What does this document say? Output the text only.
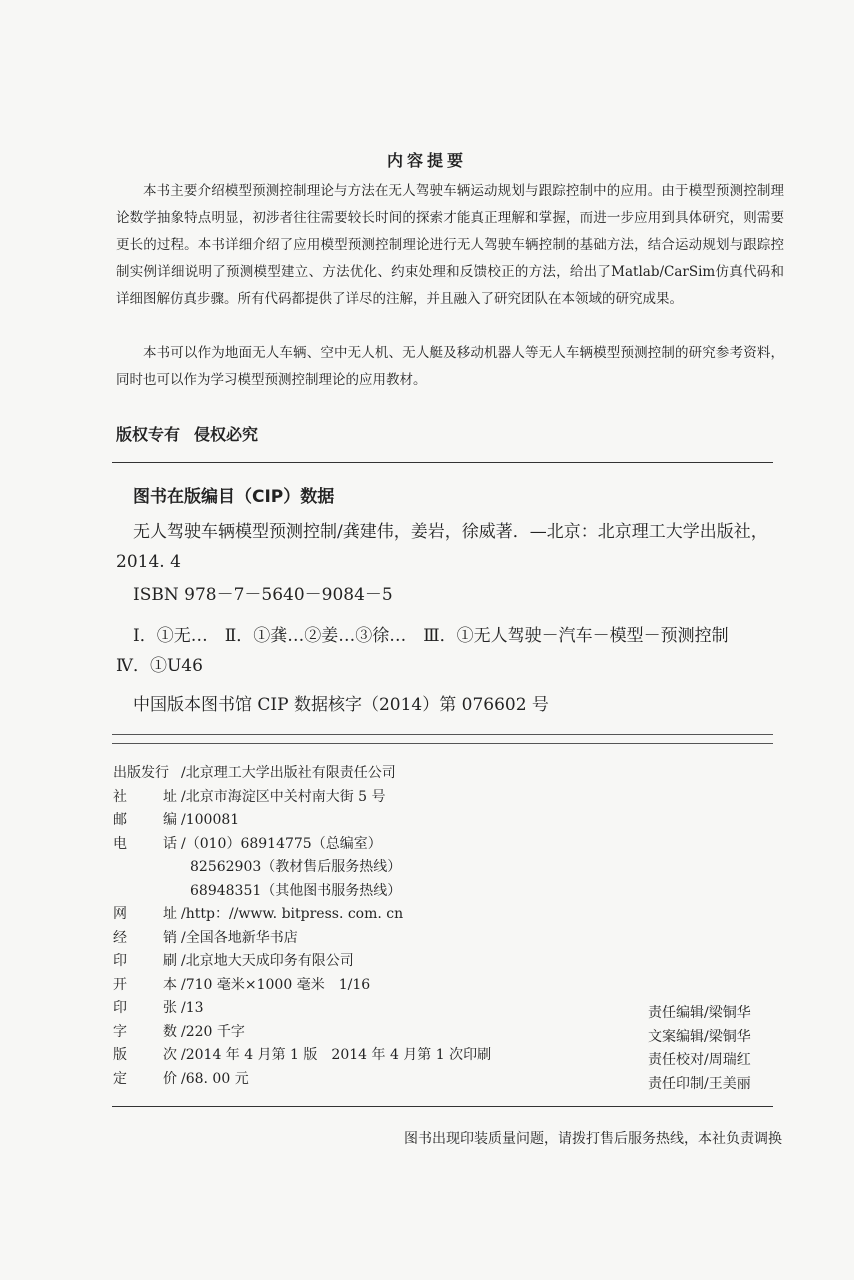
内容提要
本书主要介绍模型预测控制理论与方法在无人驾驶车辆运动规划与跟踪控制中的应用。由于模型预测控制理论数学抽象特点明显，初涉者往往需要较长时间的探索才能真正理解和掌握，而进一步应用到具体研究，则需要更长的过程。本书详细介绍了应用模型预测控制理论进行无人驾驶车辆控制的基础方法，结合运动规划与跟踪控制实例详细说明了预测模型建立、方法优化、约束处理和反馈校正的方法，给出了Matlab/CarSim仿真代码和详细图解仿真步骤。所有代码都提供了详尽的注解，并且融入了研究团队在本领域的研究成果。
本书可以作为地面无人车辆、空中无人机、无人艇及移动机器人等无人车辆模型预测控制的研究参考资料，同时也可以作为学习模型预测控制理论的应用教材。
版权专有 侵权必究
图书在版编目（CIP）数据
无人驾驶车辆模型预测控制/龚建伟，姜岩，徐威著．—北京：北京理工大学出版社，2014. 4
ISBN 978－7－5640－9084－5
Ⅰ．①无…　Ⅱ．①龚…②姜…③徐…　Ⅲ．①无人驾驶－汽车－模型－预测控制　Ⅳ．①U46
中国版本图书馆 CIP 数据核字（2014）第 076602 号
出版发行 /北京理工大学出版社有限责任公司
社	址 /北京市海淀区中关村南大街 5 号
邮	编 /100081
电	话 /（010）68914775（总编室）
82562903（教材售后服务热线）
68948351（其他图书服务热线）
网	址 /http：//www. bitpress. com. cn
经	销 /全国各地新华书店
印	刷 /北京地大天成印务有限公司
开	本 /710 毫米×1000 毫米　1/16
印	张 /13
字	数 /220 千字
版	次 /2014 年 4 月第 1 版　2014 年 4 月第 1 次印刷
定	价 /68. 00 元
责任编辑/梁铜华
文案编辑/梁铜华
责任校对/周瑞红
责任印制/王美丽
图书出现印装质量问题，请拨打售后服务热线，本社负责调换
